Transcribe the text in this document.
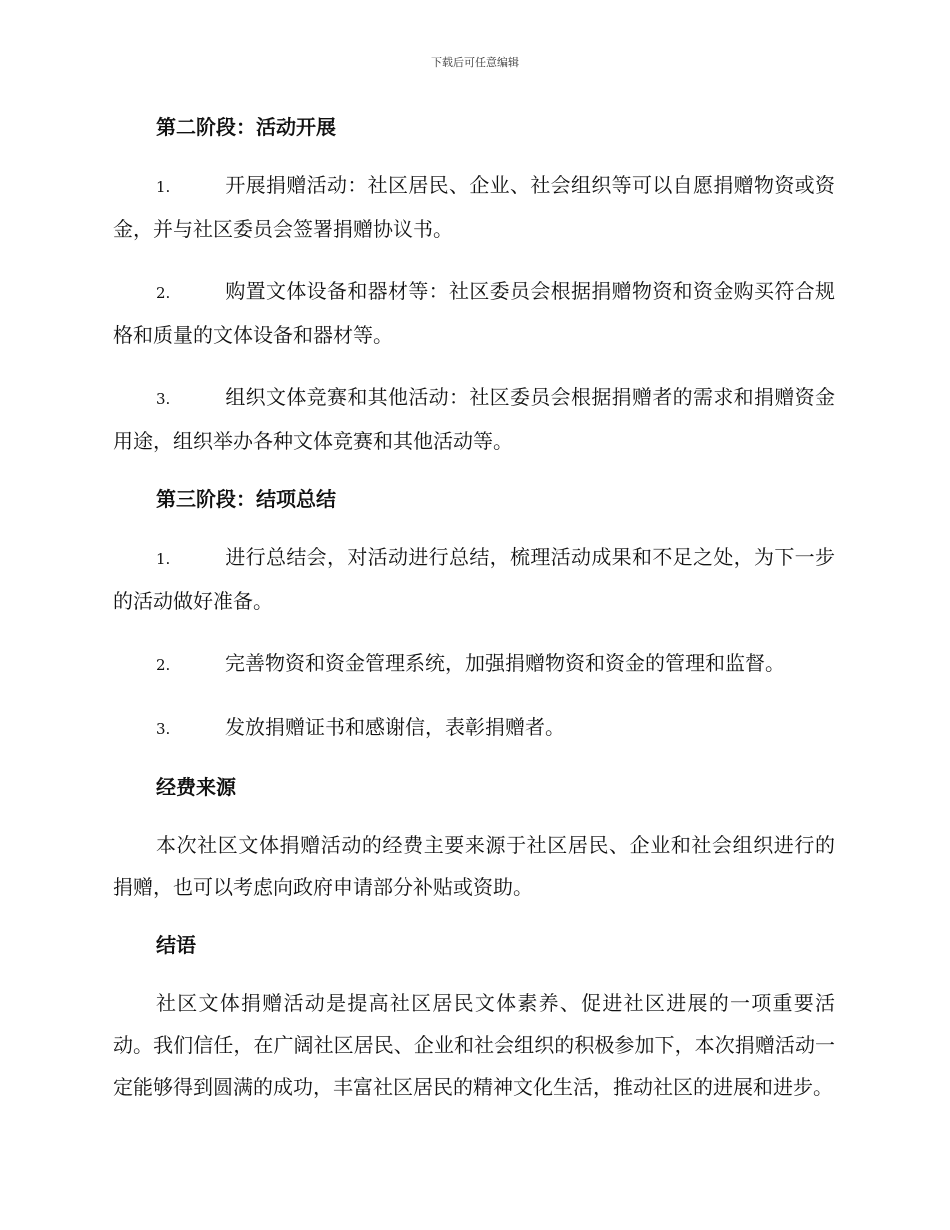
下载后可任意编辑
第二阶段：活动开展

1.	开展捐赠活动：社区居民、企业、社会组织等可以自愿捐赠物资或资金，并与社区委员会签署捐赠协议书。

2.	购置文体设备和器材等：社区委员会根据捐赠物资和资金购买符合规格和质量的文体设备和器材等。

3.	组织文体竞赛和其他活动：社区委员会根据捐赠者的需求和捐赠资金用途，组织举办各种文体竞赛和其他活动等。

第三阶段：结项总结

1.	进行总结会，对活动进行总结，梳理活动成果和不足之处，为下一步的活动做好准备。

2.	完善物资和资金管理系统，加强捐赠物资和资金的管理和监督。

3.	发放捐赠证书和感谢信，表彰捐赠者。

经费来源

本次社区文体捐赠活动的经费主要来源于社区居民、企业和社会组织进行的捐赠，也可以考虑向政府申请部分补贴或资助。

结语

社区文体捐赠活动是提高社区居民文体素养、促进社区进展的一项重要活动。我们信任，在广阔社区居民、企业和社会组织的积极参加下，本次捐赠活动一定能够得到圆满的成功，丰富社区居民的精神文化生活，推动社区的进展和进步。
